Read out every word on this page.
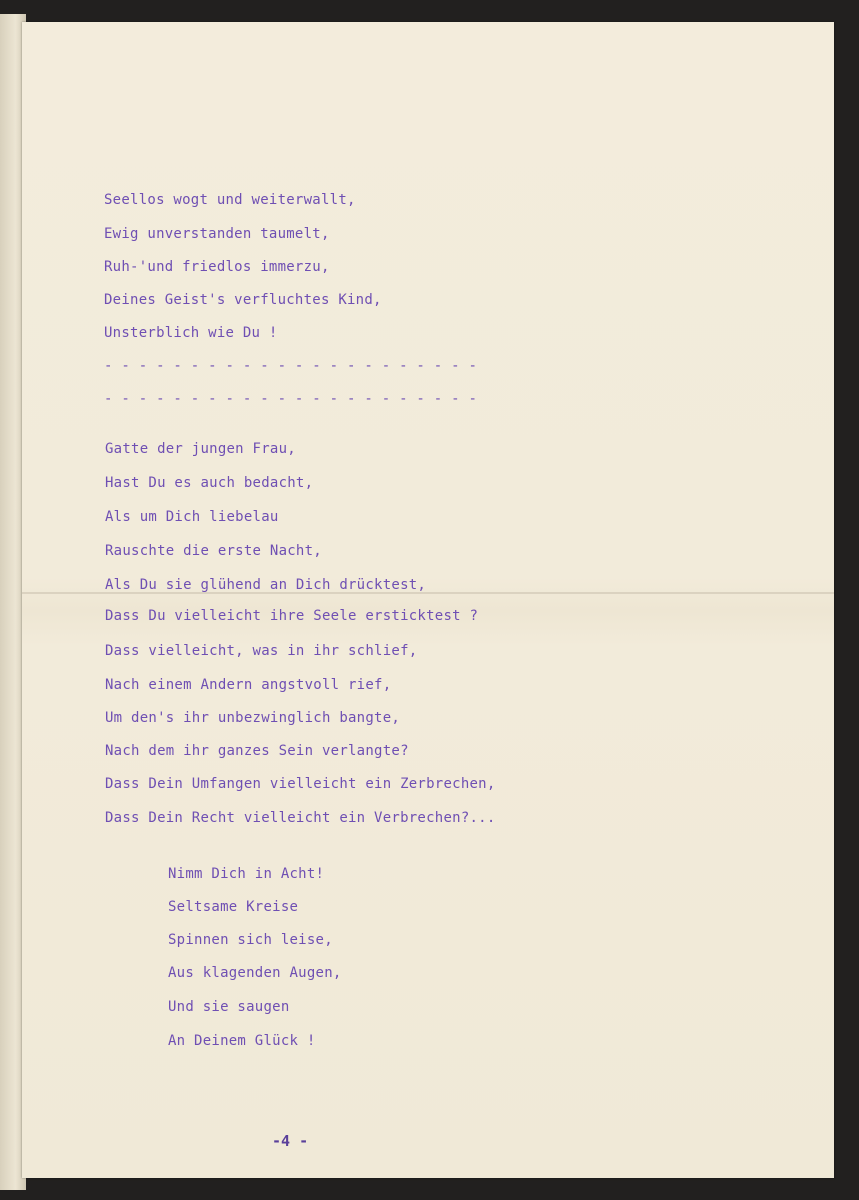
Seellos wogt und weiterwallt,

Ewig unverstanden taumelt,

Ruh-'und friedlos immerzu,

Deines Geist's verfluchtes Kind,

Unsterblich wie Du !

- - - - - - - - - - - - - - - - - - - - - -

- - - - - - - - - - - - - - - - - - - - - -

Gatte der jungen Frau,

Hast Du es auch bedacht,

Als um Dich liebelau

Rauschte die erste Nacht,

Als Du sie glühend an Dich drücktest,

Dass Du vielleicht ihre Seele ersticktest ?

Dass vielleicht, was in ihr schlief,

Nach einem Andern angstvoll rief,

Um den's ihr unbezwinglich bangte,

Nach dem ihr ganzes Sein verlangte?

Dass Dein Umfangen vielleicht ein Zerbrechen,

Dass Dein Recht vielleicht ein Verbrechen?...

Nimm Dich in Acht!

Seltsame Kreise

Spinnen sich leise,

Aus klagenden Augen,

Und sie saugen

An Deinem Glück !

-4 -
